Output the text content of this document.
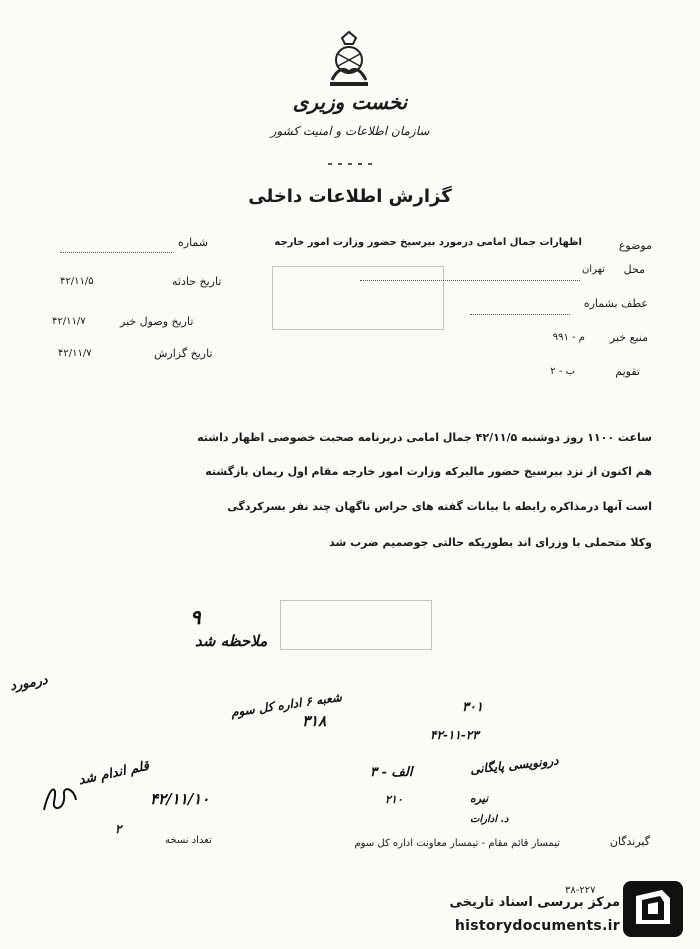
نخست وزیری
سازمان اطلاعات و امنیت کشور
گزارش اطلاعات داخلی
موضوع
اظهارات جمال امامی درمورد بیرسیخ حضور وزارت امور خارجه
شماره
محل
تهران
تاریخ حادثه
۴۲/۱۱/۵
عطف بشماره
تاریخ وصول خبر
۴۲/۱۱/۷
منبع خبر
م - ۹۹۱
تاریخ گزارش
۴۲/۱۱/۷
تقویم
ب - ۲
ساعت ۱۱۰۰ روز دوشنبه ۴۲/۱۱/۵ جمال امامی دربرنامه صحبت خصوصی اظهار داشته
هم اکنون از نزد بیرسیخ حضور مالیرکه وزارت امور خارجه مقام اول ریمان بازگشته
است آنها درمذاکره رابطه با بیانات گفته های حراس ناگهان چند نفر بسرکردگی
وکلا متحملی با وزرای اند بطوریکه حالتی جوصمیم ضرب شد
۹
ملاحظه شد
شعبه ۶ اداره کل سوم
درمورد
۳۱۸
۳۰۱
۴۲-۱۱-۲۳
الف - ۳
۲۱۰
درونویسی پایگانی
نیره
د. ادارات
قلم اندام شد
۴۲/۱۱/۱۰
۲
تعداد نسخه	گیرندگان
تیمسار قائم مقام - تیمسار معاونت اداره کل سوم
۳۸-۲۲۷
مرکز بررسی اسناد تاریخی
historydocuments.ir
